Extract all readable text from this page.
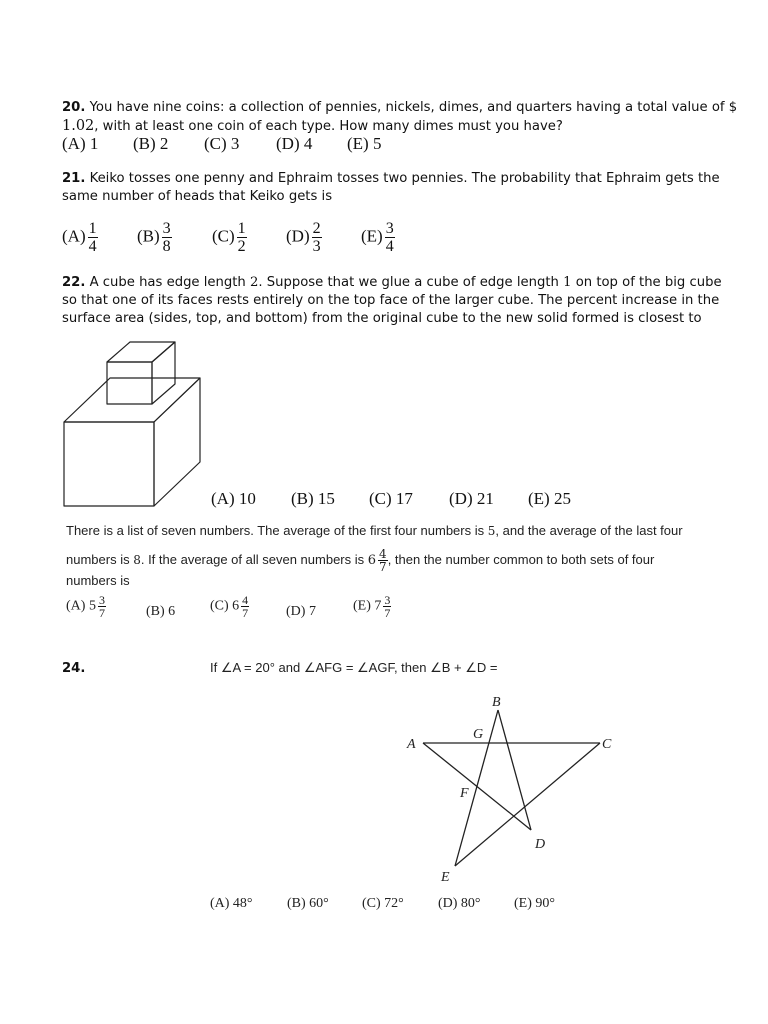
20. You have nine coins: a collection of pennies, nickels, dimes, and quarters having a total value of $
1.02, with at least one coin of each type. How many dimes must you have?
(A) 1 (B) 2 (C) 3 (D) 4 (E) 5
21. Keiko tosses one penny and Ephraim tosses two pennies. The probability that Ephraim gets the
same number of heads that Keiko gets is
$(A) \frac{1}{4} (B) \frac{3}{8} (C) \frac{1}{2} (D) \frac{2}{3} (E) \frac{3}{4}$
22. A cube has edge length 2. Suppose that we glue a cube of edge length 1 on top of the big cube
so that one of its faces rests entirely on the top face of the larger cube. The percent increase in the
surface area (sides, top, and bottom) from the original cube to the new solid formed is closest to
(A) 10 (B) 15 (C) 17 (D) 21 (E) 25
There is a list of seven numbers. The average of the first four numbers is 5, and the average of the last four
numbers is 8. If the average of all seven numbers is $6 \frac{4}{7}$ , then the number common to both sets of four
numbers is
(A) $5 \frac{3}{7}$	(B) 6 (C) $6 \frac{4}{7}$	(D) 7	(E) $7 \frac{3}{7}$
24.	If ∠A = 20° and ∠AFG = ∠AGF, then ∠B + ∠D =
B
G
A	C
F
D
E
(A) 48° (B) 60° (C) 72° (D) 80° (E) 90°
